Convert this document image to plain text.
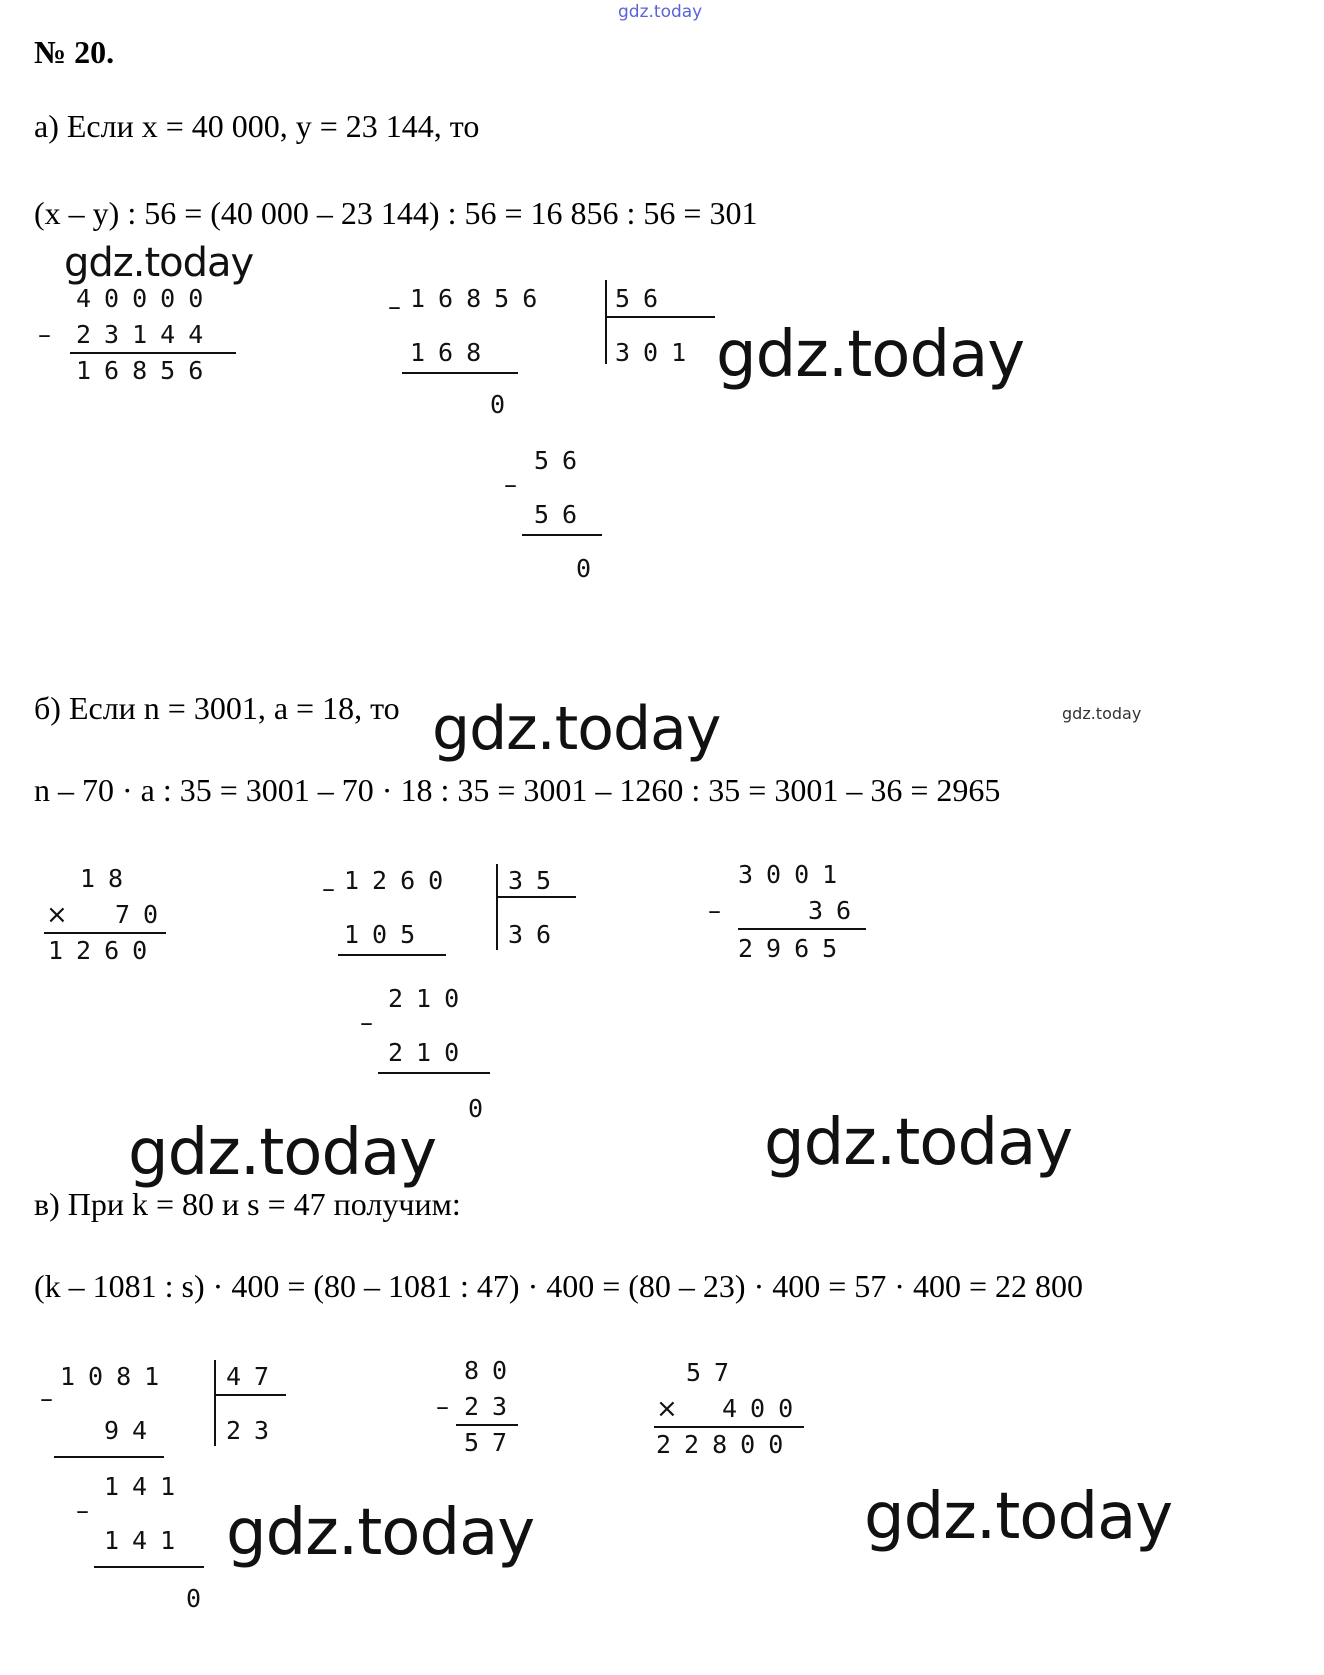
gdz.today
№ 20.
а) Если x = 40 000, y = 23 144, то
(x – y) : 56 = (40 000 – 23 144) : 56 = 16 856 : 56 = 301
gdz.today
40000
– 23144
16856
– 16856	56
301
168
0
–
56
56
0
gdz.today
б) Если n = 3001, a = 18, то gdz.today	gdz.today
n – 70 · a : 35 = 3001 – 70 · 18 : 35 = 3001 – 1260 : 35 = 3001 – 36 = 2965
18
× 70
1260
– 1260 35
36
105
–
210
210
0
3001
–	36
2965
gdz.today	gdz.today
в) При k = 80 и s = 47 получим:
(k – 1081 : s) · 400 = (80 – 1081 : 47) · 400 = (80 – 23) · 400 = 57 · 400 = 22 800
–
1081 47
23
94
–
141
141
0
gdz.today
80
– 23
57
57
× 400
22800
gdz.today
